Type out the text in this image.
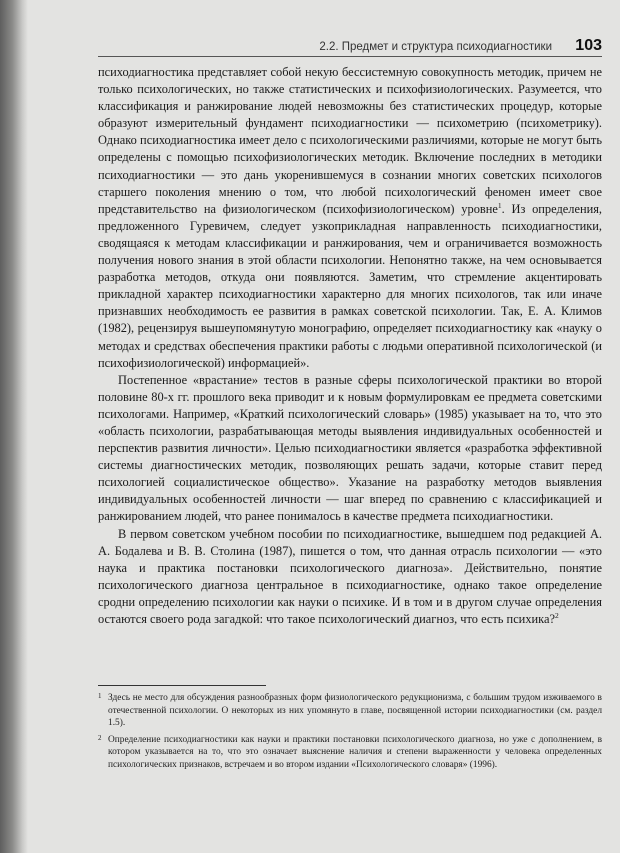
2.2. Предмет и структура психодиагностики 103

психодиагностика представляет собой некую бессистемную совокупность методик, причем не только психологических, но также статистических и психофизиологических. Разумеется, что классификация и ранжирование людей невозможны без статистических процедур, которые образуют измерительный фундамент психодиагностики — психометрию (психометрику). Однако психодиагностика имеет дело с психологическими различиями, которые не могут быть определены с помощью психофизиологических методик. Включение последних в методики психодиагностики — это дань укоренившемуся в сознании многих советских психологов старшего поколения мнению о том, что любой психологический феномен имеет свое представительство на физиологическом (психофизиологическом) уровне$^1$. Из определения, предложенного Гуревичем, следует узкоприкладная направленность психодиагностики, сводящаяся к методам классификации и ранжирования, чем и ограничивается возможность получения нового знания в этой области психологии. Непонятно также, на чем основывается разработка методов, откуда они появляются. Заметим, что стремление акцентировать прикладной характер психодиагностики характерно для многих психологов, так или иначе признавших необходимость ее развития в рамках советской психологии. Так, Е. А. Климов (1982), рецензируя вышеупомянутую монографию, определяет психодиагностику как «науку о методах и средствах обеспечения практики работы с людьми оперативной психологической (и психофизиологической) информацией».

Постепенное «врастание» тестов в разные сферы психологической практики во второй половине 80-х гг. прошлого века приводит и к новым формулировкам ее предмета советскими психологами. Например, «Краткий психологический словарь» (1985) указывает на то, что это «область психологии, разрабатывающая методы выявления индивидуальных особенностей и перспектив развития личности». Целью психодиагностики является «разработка эффективной системы диагностических методик, позволяющих решать задачи, которые ставит перед психологией социалистическое общество». Указание на разработку методов выявления индивидуальных особенностей личности — шаг вперед по сравнению с классификацией и ранжированием людей, что ранее понималось в качестве предмета психодиагностики.

В первом советском учебном пособии по психодиагностике, вышедшем под редакцией А. А. Бодалева и В. В. Столина (1987), пишется о том, что данная отрасль психологии — «это наука и практика постановки психологического диагноза». Действительно, понятие психологического диагноза центральное в психодиагностике, однако такое определение сродни определению психологии как науки о психике. И в том и в другом случае определения остаются своего рода загадкой: что такое психологический диагноз, что есть психика?$^2$

1 Здесь не место для обсуждения разнообразных форм физиологического редукционизма, с большим трудом изживаемого в отечественной психологии. О некоторых из них упомянуто в главе, посвященной истории психодиагностики (см. раздел 1.5).
2 Определение психодиагностики как науки и практики постановки психологического диагноза, но уже с дополнением, в котором указывается на то, что это означает выяснение наличия и степени выраженности у человека определенных психологических признаков, встречаем и во втором издании «Психологического словаря» (1996).
